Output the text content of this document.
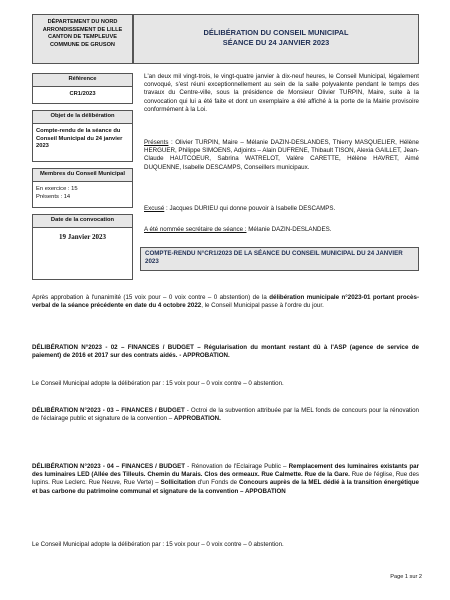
DÉPARTEMENT DU NORD
ARRONDISSEMENT DE LILLE
CANTON DE TEMPLEUVE
COMMUNE DE GRUSON
DÉLIBÉRATION DU CONSEIL MUNICIPAL
SÉANCE DU 24 JANVIER 2023
Référence
CR1/2023
Objet de la délibération
Compte-rendu de la séance du Conseil Municipal du 24 janvier 2023
Membres du Conseil Municipal
En exercice : 15
Présents : 14
Date de la convocation
19 Janvier 2023
L'an deux mil vingt-trois, le vingt-quatre janvier à dix-neuf heures, le Conseil Municipal, légalement convoqué, s'est réuni exceptionnellement au sein de la salle polyvalente pendant le temps des travaux du Centre-ville, sous la présidence de Monsieur Olivier TURPIN, Maire, suite à la convocation qui lui a été faite et dont un exemplaire a été affiché à la porte de la Mairie provisoire conformément à la Loi.
Présents : Olivier TURPIN, Maire – Mélanie DAZIN-DESLANDES, Thierry MASQUELIER, Hélène HERGUER, Philippe SIMOENS, Adjoints – Alain DUFRENE, Thibault TISON, Alexia GAILLET, Jean-Claude HAUTCOEUR, Sabrina WATRELOT, Valère CARETTE, Hélène HAVRET, Aimé DUQUENNE, Isabelle DESCAMPS, Conseillers municipaux.
Excusé : Jacques DURIEU qui donne pouvoir à Isabelle DESCAMPS.
A été nommée secrétaire de séance : Mélanie DAZIN-DESLANDES.
COMPTE-RENDU N°CR1/2023 DE LA SÉANCE DU CONSEIL MUNICIPAL DU 24 JANVIER 2023
Après approbation à l'unanimité (15 voix pour – 0 voix contre – 0 abstention) de la délibération municipale n°2023-01 portant procès-verbal de la séance précédente en date du 4 octobre 2022, le Conseil Municipal passe à l'ordre du jour.
DÉLIBÉRATION N°2023 - 02 – FINANCES / BUDGET – Régularisation du montant restant dû à l'ASP (agence de service de paiement) de 2016 et 2017 sur des contrats aidés. - APPROBATION.
Le Conseil Municipal adopte la délibération par : 15 voix pour – 0 voix contre – 0 abstention.
DÉLIBÉRATION N°2023 - 03 – FINANCES / BUDGET - Octroi de la subvention attribuée par la MEL fonds de concours pour la rénovation de l'éclairage public et signature de la convention – APPROBATION.
DÉLIBÉRATION N°2023 - 04 – FINANCES / BUDGET - Rénovation de l'Eclairage Public – Remplacement des luminaires existants par des luminaires LED (Allée des Tilleuls. Chemin du Marais. Clos des ormeaux. Rue Calmette. Rue de la Gare. Rue de l'église, Rue des lupins. Rue Leclerc. Rue Neuve, Rue Verte) – Sollicitation d'un Fonds de Concours auprès de la MEL dédié à la transition énergétique et bas carbone du patrimoine communal et signature de la convention – APPOBATION
Le Conseil Municipal adopte la délibération par : 15 voix pour – 0 voix contre – 0 abstention.
Page 1 sur 2
